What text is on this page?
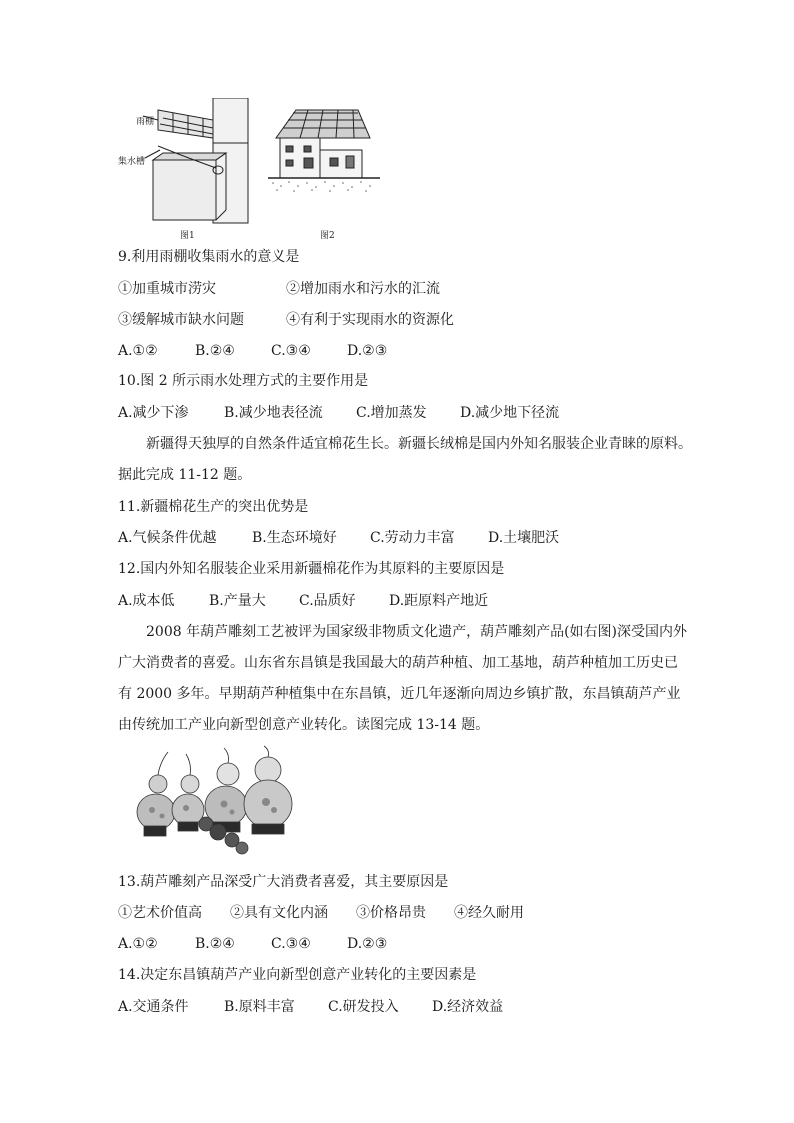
雨棚
集水槽
图1	图2
9.利用雨棚收集雨水的意义是
①加重城市涝灾	②增加雨水和污水的汇流
③缓解城市缺水问题	④有利于实现雨水的资源化
A.①②	B.②④	C.③④	D.②③
10.图 2 所示雨水处理方式的主要作用是
A.减少下渗	B.减少地表径流 C.增加蒸发 D.减少地下径流
新疆得天独厚的自然条件适宜棉花生长。新疆长绒棉是国内外知名服装企业青睐的原料。
据此完成 11-12 题。
11.新疆棉花生产的突出优势是
A.气候条件优越	B.生态环境好 C.劳动力丰富 D.土壤肥沃
12.国内外知名服装企业采用新疆棉花作为其原料的主要原因是
A.成本低 B.产量大 C.品质好 D.距原料产地近
2008 年葫芦雕刻工艺被评为国家级非物质文化遗产，葫芦雕刻产品(如右图)深受国内外
广大消费者的喜爱。山东省东昌镇是我国最大的葫芦种植、加工基地，葫芦种植加工历史已
有 2000 多年。早期葫芦种植集中在东昌镇，近几年逐渐向周边乡镇扩散，东昌镇葫芦产业
由传统加工产业向新型创意产业转化。读图完成 13-14 题。
13.葫芦雕刻产品深受广大消费者喜爱，其主要原因是
①艺术价值高 ②具有文化内涵 ③价格昂贵 ④经久耐用
A.①②	B.②④	C.③④	D.②③
14.决定东昌镇葫芦产业向新型创意产业转化的主要因素是
A.交通条件	B.原料丰富 C.研发投入 D.经济效益
